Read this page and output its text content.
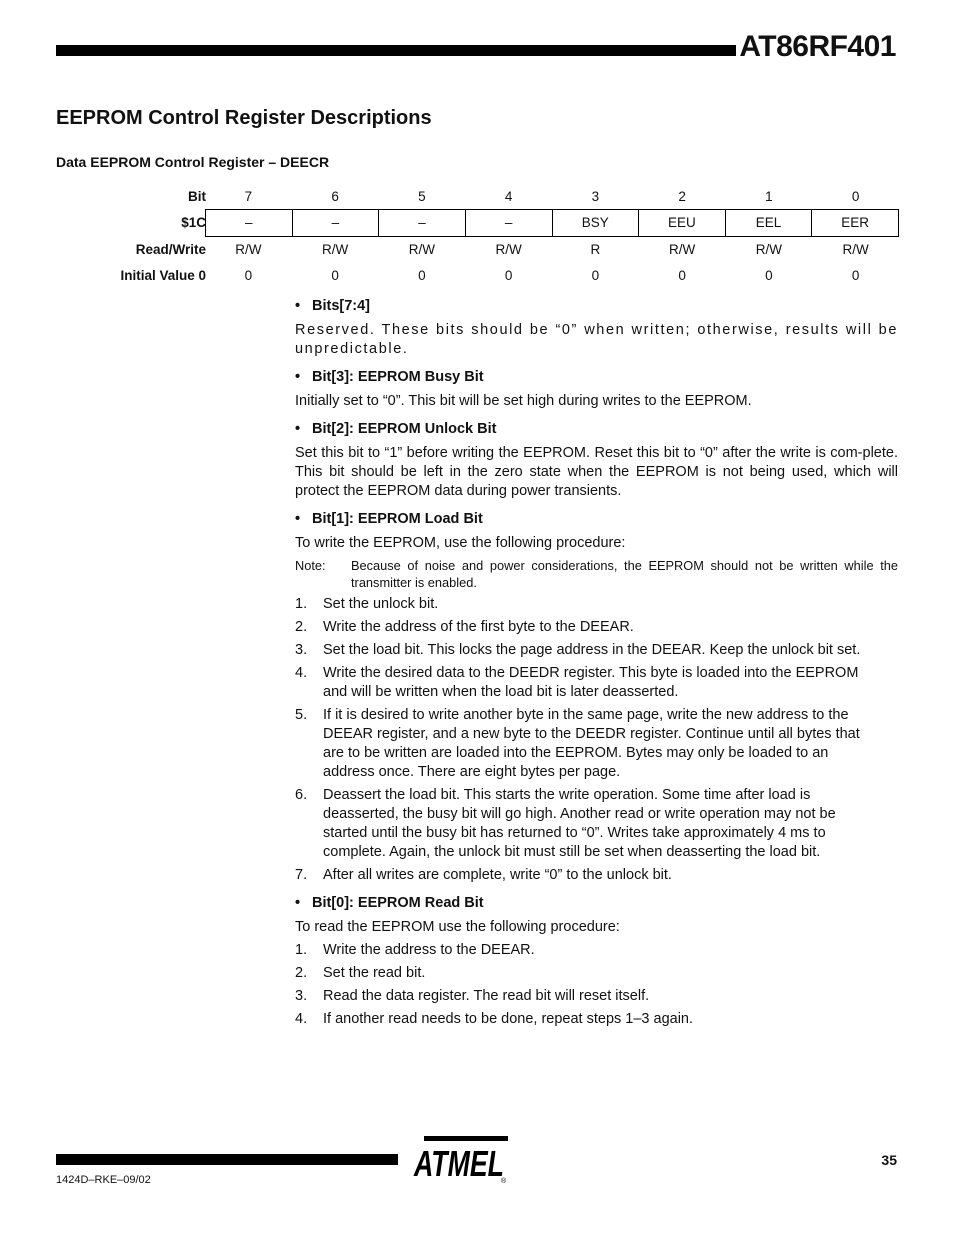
AT86RF401
EEPROM Control Register Descriptions
Data EEPROM Control Register – DEECR
Bit	7	6	5	4	3	2	1	0
$1C	–	–	–	–	BSY	EEU	EEL	EER
Read/Write	R/W	R/W	R/W	R/W	R	R/W	R/W	R/W
Initial Value 0	0	0	0	0	0	0	0	0
• Bits[7:4]
Reserved. These bits should be “0” when written; otherwise, results will be unpredictable.
• Bit[3]: EEPROM Busy Bit
Initially set to “0”. This bit will be set high during writes to the EEPROM.
• Bit[2]: EEPROM Unlock Bit
Set this bit to “1” before writing the EEPROM. Reset this bit to “0” after the write is com-plete. This bit should be left in the zero state when the EEPROM is not being used, which will protect the EEPROM data during power transients.
• Bit[1]: EEPROM Load Bit
To write the EEPROM, use the following procedure:
Note:	Because of noise and power considerations, the EEPROM should not be written while the transmitter is enabled.
1.	Set the unlock bit.
2.	Write the address of the first byte to the DEEAR.
3.	Set the load bit. This locks the page address in the DEEAR. Keep the unlock bit set.
4.	Write the desired data to the DEEDR register. This byte is loaded into the EEPROM and will be written when the load bit is later deasserted.
5.	If it is desired to write another byte in the same page, write the new address to the DEEAR register, and a new byte to the DEEDR register. Continue until all bytes that are to be written are loaded into the EEPROM. Bytes may only be loaded to an address once. There are eight bytes per page.
6.	Deassert the load bit. This starts the write operation. Some time after load is deasserted, the busy bit will go high. Another read or write operation may not be started until the busy bit has returned to “0”. Writes take approximately 4 ms to complete. Again, the unlock bit must still be set when deasserting the load bit.
7.	After all writes are complete, write “0” to the unlock bit.
• Bit[0]: EEPROM Read Bit
To read the EEPROM use the following procedure:
1.	Write the address to the DEEAR.
2.	Set the read bit.
3.	Read the data register. The read bit will reset itself.
4.	If another read needs to be done, repeat steps 1–3 again.
1424D–RKE–09/02
35
ATMEL
®
